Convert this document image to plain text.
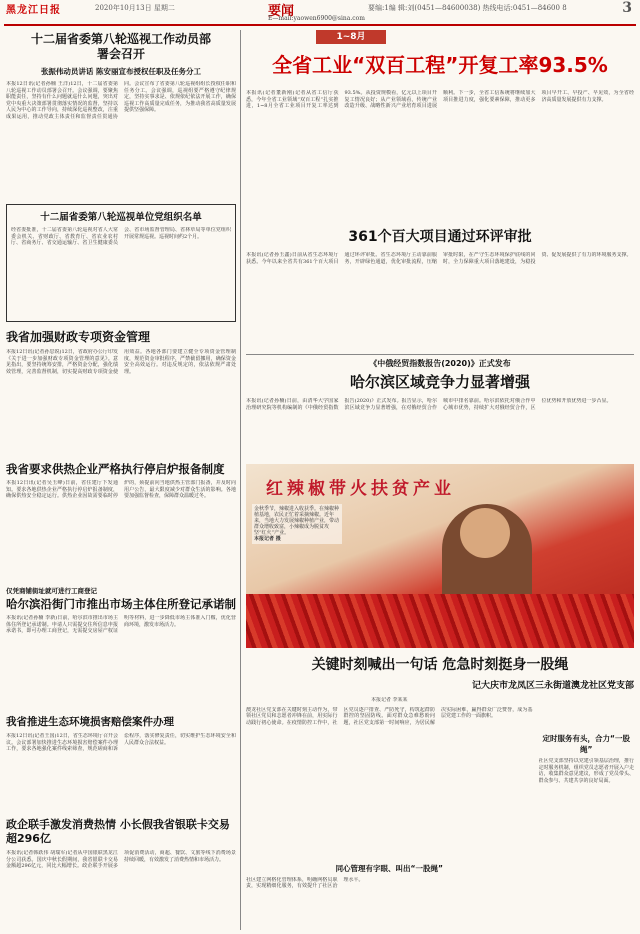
黑龙江日报	2020年10月13日 星期二	要闻
E—mail:yaowen6900@sina.com
要编:1编 辑:刘(0451—84600038) 热线电话:0451—84600 8	3
十二届省委第八轮巡视工作动员部署会召开
张振伟动员讲话 陈安丽宣布授权任职及任务分工
本报12日讯(记者孙楠 王洋)12日，十二届省委第八轮巡视工作动员部署会召开。会议强调，要聚焦职能责任，坚持有什么问题就巡什么问题，突出对党中央重大决策部署贯彻落实情况的监督，坚持以人民为中心的工作导向，持续深化巡视整改，注重成果运用，推动党政主体责任和监督责任贯通协同。会议宣布了省委第八轮巡视组组长授权任职和任务分工。会议强调，巡视组要严格遵守纪律规定，坚持实事求是、依规依纪依法开展工作，确保巡视工作高质量完成任务，为推动我省高质量发展提供坚强保障。
十二届省委第八轮巡视单位党组织名单
经省委批准，十二届省委第八轮巡视对省人大常委会机关、省财政厅、省教育厅、省农业农村厅、省商务厅、省交通运输厅、省卫生健康委员会、省市场监督管理局、省林草局等单位党组织开展常规巡视。巡视时间约2个月。
我省加强财政专项资金管理
本报12日讯(记者孙思锐)12日，省政府办公厅印发《关于进一步加强财政专项资金管理的意见》。意见指出，要坚持统筹安排，严格资金分配，强化绩效管理，完善监督机制，切实提高财政专项资金使用效益。各地各部门要建立健全专项资金管理制度，规范资金审批程序，严禁截留挪用，确保资金安全高效运行。对违反规定的，依法依规严肃处理。
我省要求供热企业严格执行停启炉报备制度
本报12日讯(记者吴玉峰)日前，省住建厅下发通知。要求各地供热企业严格执行停启炉报备制度，确保供热安全稳定运行。供热企业因故需要临时停炉的，须提前向当地供热主管部门报备，并及时向用户公告，最大限度减少对群众生活的影响。各地要加强监督检查，保障群众温暖过冬。
仅凭商铺街址就可进行工商登记
哈尔滨沿街门市推出市场主体住所登记承诺制
本报讯(记者孙楠 李新)日前，哈尔滨市推出市场主体住所登记承诺制。申请人只需提交住所信息申报承诺书，即可办理工商登记，无需提交房屋产权证明等材料，进一步降低市场主体准入门槛，优化营商环境，激发市场活力。
我省推进生态环境损害赔偿案件办理
本报12日讯(记者王国)12日，省生态环境厅召开会议。会议部署加快推进生态环境损害赔偿案件办理工作，要求各地强化案件线索筛查，规范磋商和诉讼程序，落实修复责任，切实维护生态环境安全和人民群众合法权益。
政企联手激发消费热情 小长假我省银联卡交易超296亿
本报讯(记者韩跃伟 胡瑞军)记者从中国银联黑龙江分公司获悉。国庆中秋长假期间，我省银联卡交易金额超296亿元，同比大幅增长。政企联手开展多项促消费活动，商超、餐饮、文旅等线下消费场景持续回暖，有效激发了消费热情和市场活力。
1~8月
全省工业“双百工程”开复工率93.5%
本报讯(记者董新刚)记者从省工信厅获悉，今年全省工业领域“双百工程”扎实推进，1~8月全省工业项目开复工率达到93.5%。从投资规模看，亿元以上项目开复工情况良好；从产业领域看，传统产业改造升级、战略性新兴产业培育项目进展顺利。下一步，全省工信系统将继续加大项目推进力度，强化要素保障，推动更多项目早开工、早投产、早见效，为全省经济高质量发展提供有力支撑。
361个百大项目通过环评审批
本报讯(记者孙玉鑫)日前从省生态环境厅获悉。今年以来全省共有361个百大项目通过环评审批。省生态环境厅主动靠前服务，开辟绿色通道，优化审批流程，压缩审批时限，在严守生态环境保护底线的同时，全力保障重大项目落地建设，为稳投资、促发展提供了有力的环境服务支撑。
《中俄经贸指数报告(2020)》正式发布
哈尔滨区域竞争力显著增强
本报讯(记者孙楠)日前，由清华大学国家治理研究院等机构编制的《中俄经贸指数报告(2020)》正式发布。报告显示，哈尔滨区域竞争力显著增强，在对俄经贸合作城市中排名靠前。哈尔滨依托对俄合作中心城市优势，持续扩大对俄经贸合作，区位优势和开放优势进一步凸显。
红辣椒带火扶贫产业
金秋季节，辣椒进入收获季。在辣椒种植基地，农民正忙着采摘辣椒。近年来，当地大力发展辣椒种植产业，带动群众增收致富，小辣椒成为脱贫攻坚“红火”产业。
本报记者 摄
关键时刻喊出一句话 危急时刻挺身一股绳
记大庆市龙凤区三永街道澳龙社区党支部
本报记者 李某某
澳龙社区党支部在关键时刻主动作为，带领社区党员和志愿者冲锋在前，用实际行动践行初心使命。在疫情防控工作中，社区党员逐户排查、严防死守，构筑起群防群控的坚固防线。面对群众急难愁盼问题，社区党支部第一时间响应，为居民解决实际困难，赢得群众广泛赞誉，成为基层党建工作的一面旗帜。
同心管理有字眼、叫出“一股绳”
社区建立网格化管理体系，明确网格员职责，实现精细化服务，有效提升了社区治理水平。
定时服务有头，合力“一股绳”
社区党支部坚持以党建引领基层治理，推行定时服务机制，组织党员志愿者开展入户走访，收集群众意见建议，形成了党员带头、群众参与、共建共享的良好局面。
